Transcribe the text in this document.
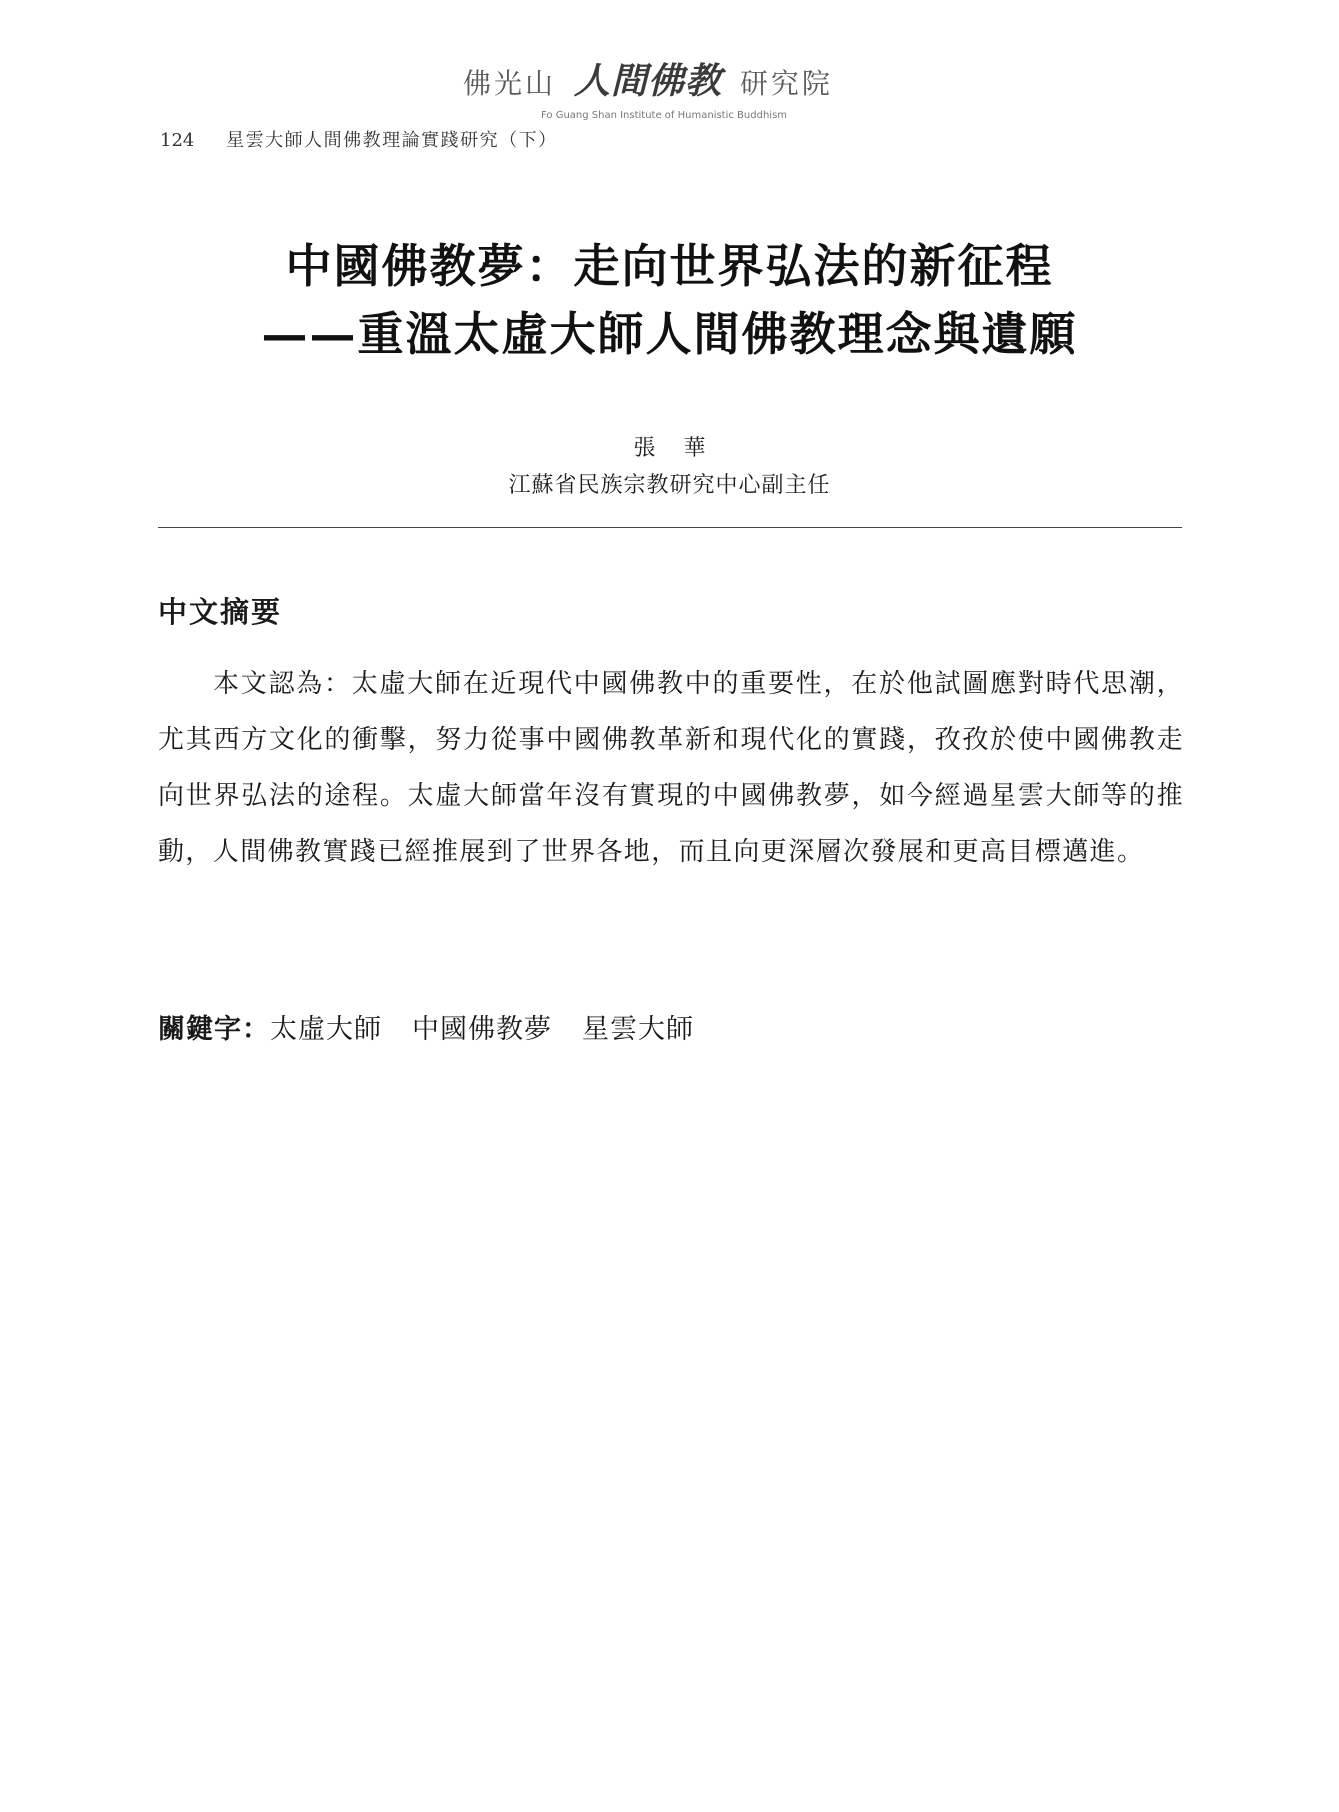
佛光山 人間佛教 研究院
Fo Guang Shan Institute of Humanistic Buddhism
124 星雲大師人間佛教理論實踐研究（下）
中國佛教夢：走向世界弘法的新征程
——重溫太虛大師人間佛教理念與遺願
張華
江蘇省民族宗教研究中心副主任
中文摘要
本文認為：太虛大師在近現代中國佛教中的重要性，在於他試圖應對時代思潮，尤其西方文化的衝擊，努力從事中國佛教革新和現代化的實踐，孜孜於使中國佛教走向世界弘法的途程。太虛大師當年沒有實現的中國佛教夢，如今經過星雲大師等的推動，人間佛教實踐已經推展到了世界各地，而且向更深層次發展和更高目標邁進。
關鍵字：太虛大師 中國佛教夢 星雲大師
